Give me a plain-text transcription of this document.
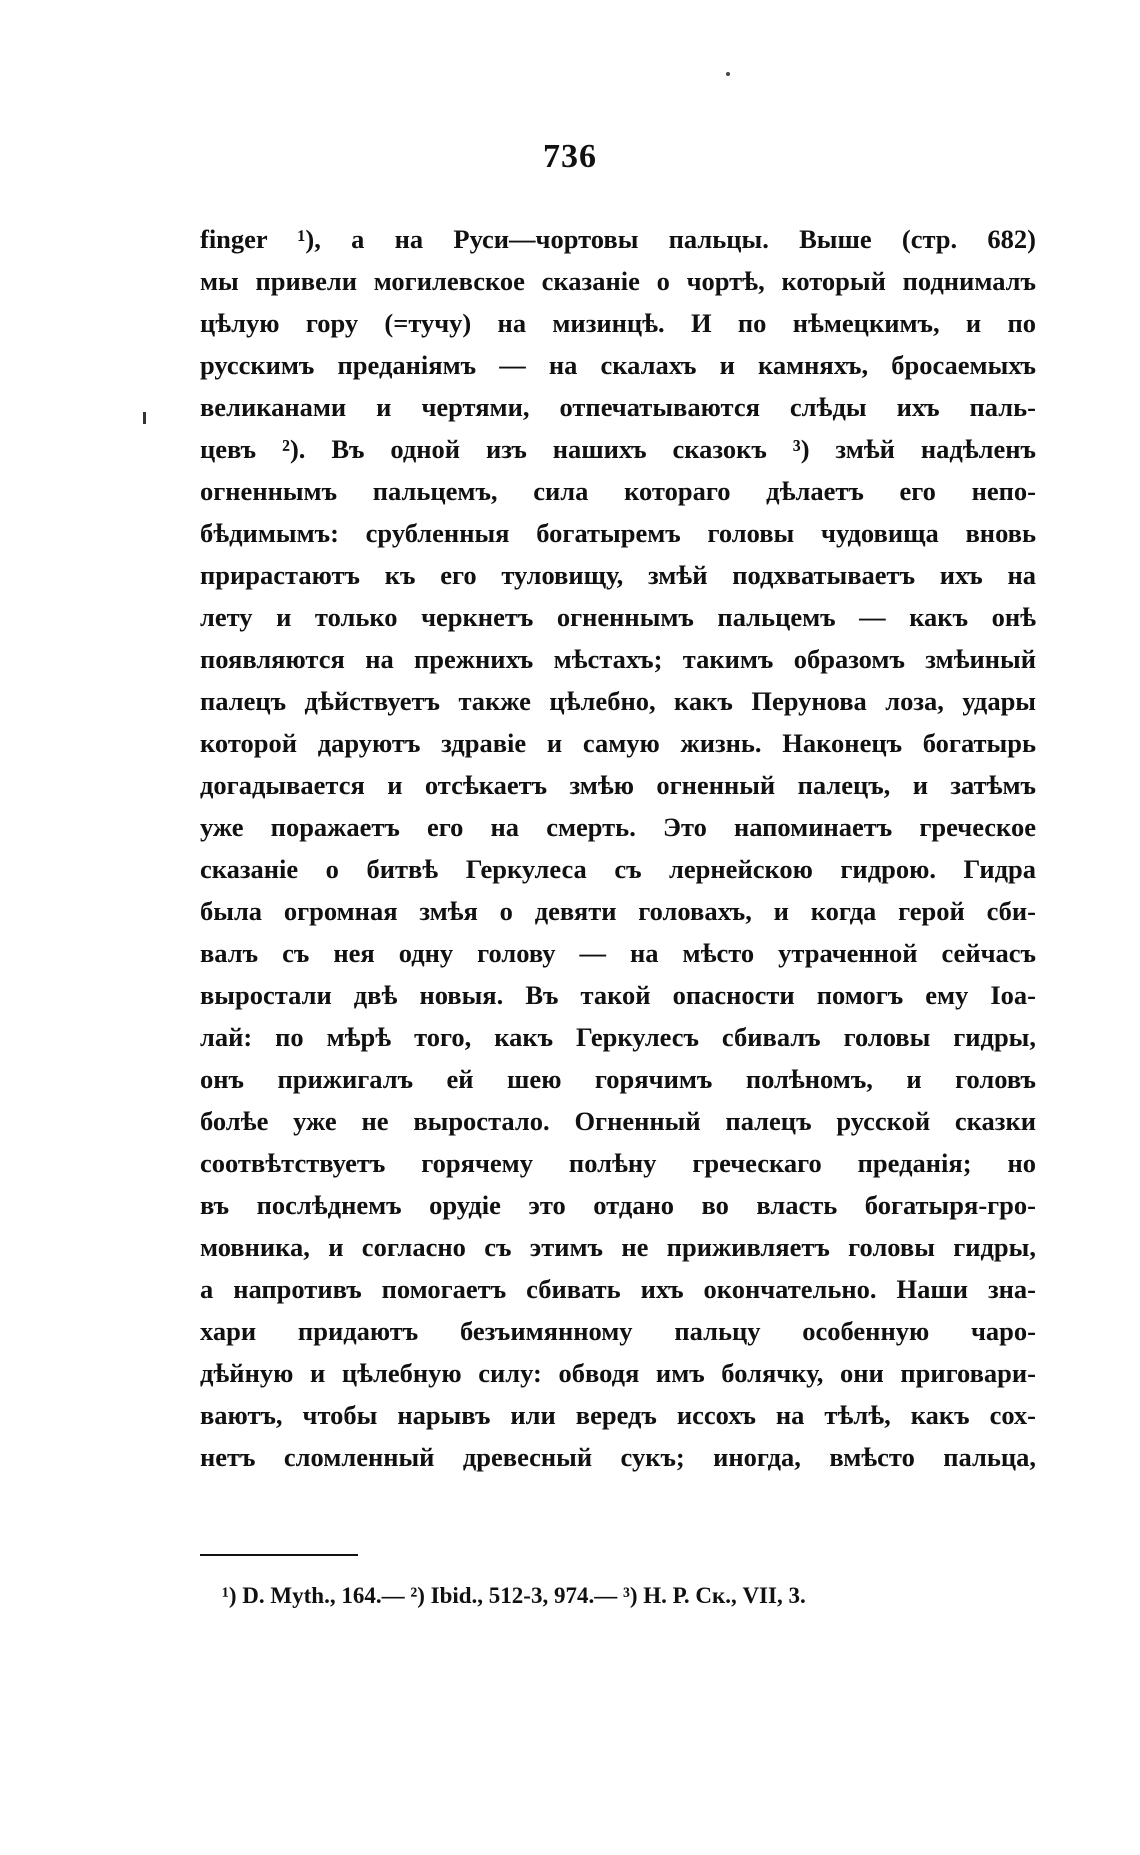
736
finger ¹), а на Руси—чортовы пальцы. Выше (стр. 682)
мы привели могилевское сказаніе о чортѣ, который поднималъ
цѣлую гору (=тучу) на мизинцѣ. И по нѣмецкимъ, и по
русскимъ преданіямъ — на скалахъ и камняхъ, бросаемыхъ
великанами и чертями, отпечатываются слѣды ихъ паль-
цевъ ²). Въ одной изъ нашихъ сказокъ ³) змѣй надѣленъ
огненнымъ пальцемъ, сила котораго дѣлаетъ его непо-
бѣдимымъ: срубленныя богатыремъ головы чудовища вновь
прирастаютъ къ его туловищу, змѣй подхватываетъ ихъ на
лету и только черкнетъ огненнымъ пальцемъ — какъ онѣ
появляются на прежнихъ мѣстахъ; такимъ образомъ змѣиный
палецъ дѣйствуетъ также цѣлебно, какъ Перунова лоза, удары
которой даруютъ здравіе и самую жизнь. Наконецъ богатырь
догадывается и отсѣкаетъ змѣю огненный палецъ, и затѣмъ
уже поражаетъ его на смерть. Это напоминаетъ греческое
сказаніе о битвѣ Геркулеса съ лернейскою гидрою. Гидра
была огромная змѣя о девяти головахъ, и когда герой сби-
валъ съ нея одну голову — на мѣсто утраченной сейчасъ
выростали двѣ новыя. Въ такой опасности помогъ ему Іоа-
лай: по мѣрѣ того, какъ Геркулесъ сбивалъ головы гидры,
онъ прижигалъ ей шею горячимъ полѣномъ, и головъ
болѣе уже не выростало. Огненный палецъ русской сказки
соотвѣтствуетъ горячему полѣну греческаго преданія; но
въ послѣднемъ орудіе это отдано во власть богатыря-гро-
мовника, и согласно съ этимъ не приживляетъ головы гидры,
а напротивъ помогаетъ сбивать ихъ окончательно. Наши зна-
хари придаютъ безъимянному пальцу особенную чаро-
дѣйную и цѣлебную силу: обводя имъ болячку, они приговари-
ваютъ, чтобы нарывъ или вередъ иссохъ на тѣлѣ, какъ сох-
нетъ сломленный древесный сукъ; иногда, вмѣсто пальца,
¹) D. Myth., 164.— ²) Ibid., 512-3, 974.— ³) Н. Р. Ск., VII, 3.
